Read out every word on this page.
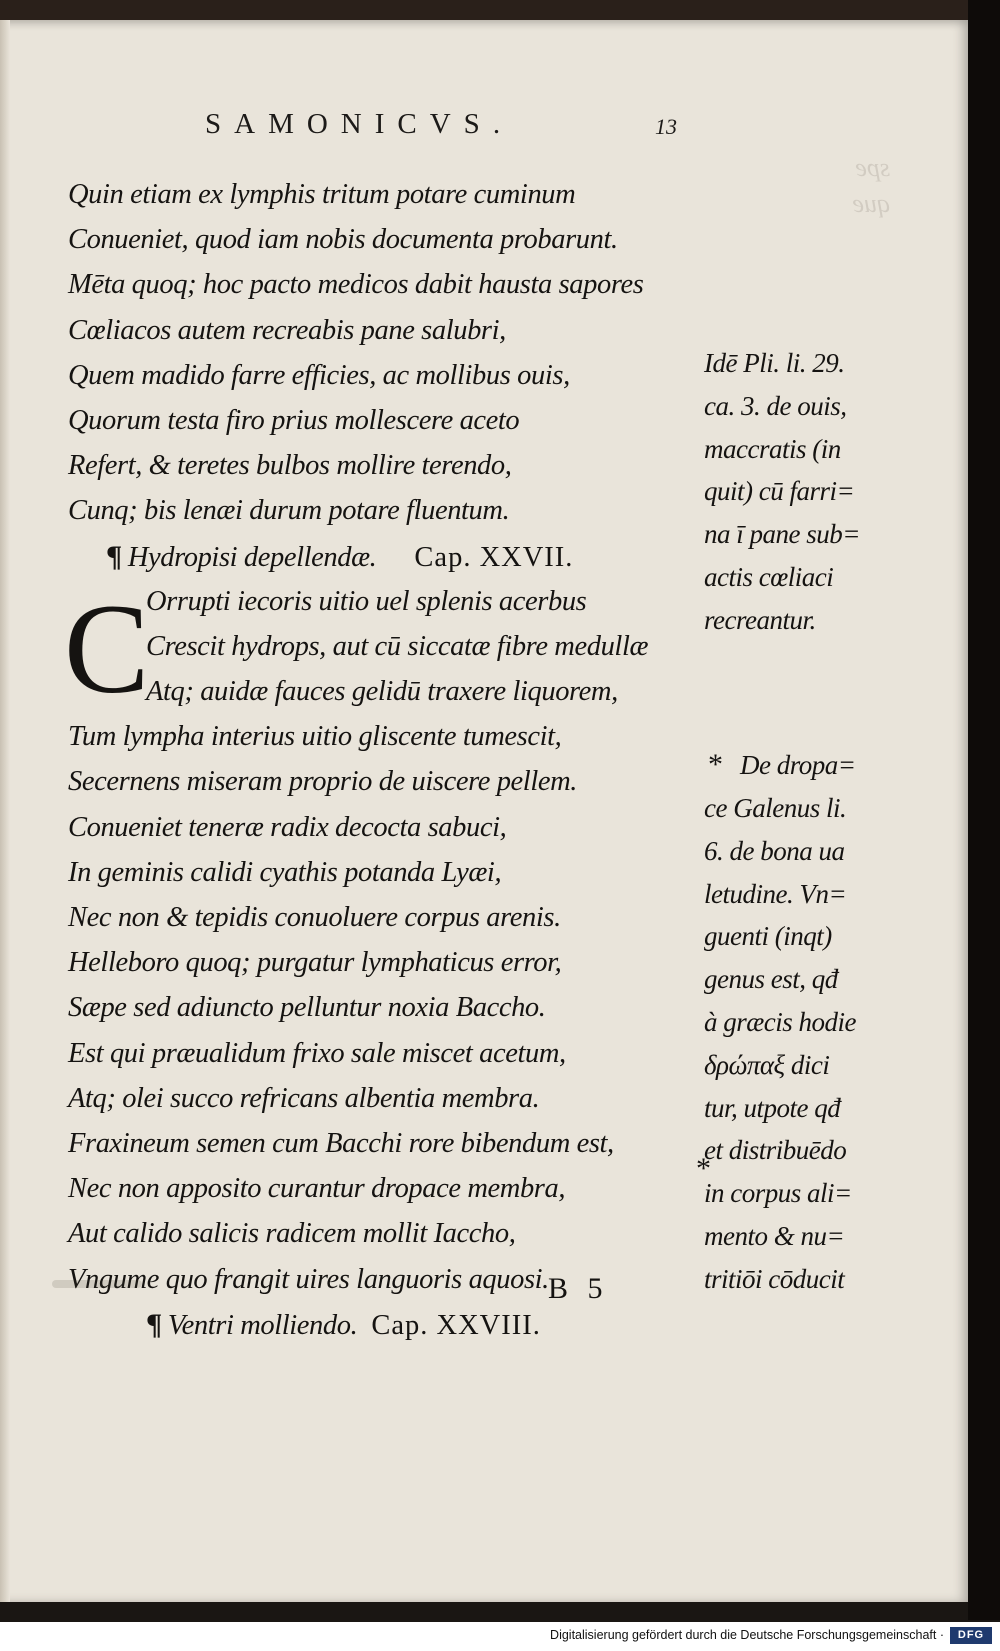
spe
que
SAMONICVS.	13
Quin etiam ex lymphis tritum potare cuminum
Conueniet, quod iam nobis documenta probarunt.
Mēta quoq; hoc pacto medicos dabit hausta sapores
Cœliacos autem recreabis pane salubri,
Quem madido farre efficies, ac mollibus ouis,
Quorum testa firo prius mollescere aceto
Refert, & teretes bulbos mollire terendo,
Cunq; bis lenæi durum potare fluentum.
¶ Hydropisi depellendæ. Cap. XXVII.
C
Orrupti iecoris uitio uel splenis acerbus
Crescit hydrops, aut cū siccatæ fibre medullæ
Atq; auidæ fauces gelidū traxere liquorem,
Tum lympha interius uitio gliscente tumescit,
Secernens miseram proprio de uiscere pellem.
Conueniet teneræ radix decocta sabuci,
In geminis calidi cyathis potanda Lyæi,
Nec non & tepidis conuoluere corpus arenis.
Helleboro quoq; purgatur lymphaticus error,
Sæpe sed adiuncto pelluntur noxia Baccho.
Est qui præualidum frixo sale miscet acetum,
Atq; olei succo refricans albentia membra.
Fraxineum semen cum Bacchi rore bibendum est,
Nec non apposito curantur dropace membra,
Aut calido salicis radicem mollit Iaccho,
Vngume quo frangit uires languoris aquosi.
¶ Ventri molliendo. Cap. XXVIII.
Idē Pli. li. 29.
ca. 3. de ouis,
maccratis (in
quit) cū farri=
na ī pane sub=
actis cœliaci
recreantur.
* De dropa=
ce Galenus li.
6. de bona ua
letudine. Vn=
guenti (inqt)
genus est, qđ
à græcis hodie
δρώπαξ dici
tur, utpote qđ
et distribuēdo
in corpus ali=
mento & nu=
tritiōi cōducit
*
B 5
Digitalisierung gefördert durch die Deutsche Forschungsgemeinschaft ·	DFG
